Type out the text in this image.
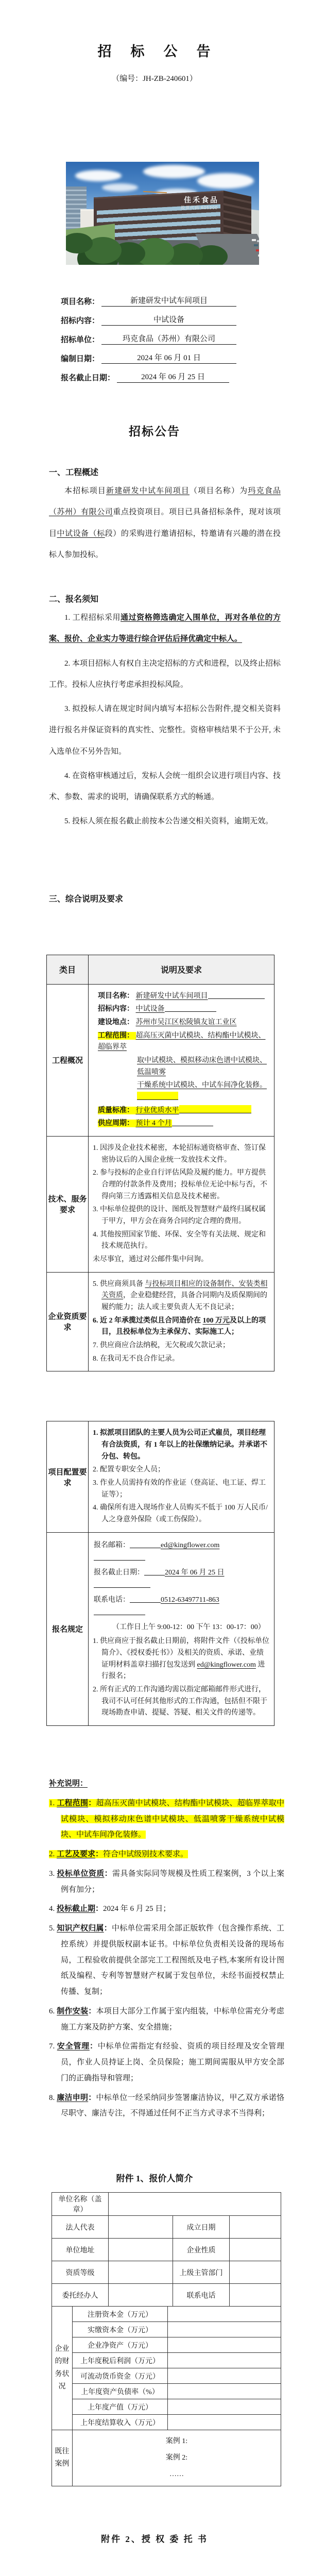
招    标    公    告
（编号：JH-ZB-240601）
佳禾食品
股票代码 605300
项目名称：	新建研发中试车间项目
招标内容：	中试设备
招标单位：	玛克食品（苏州）有限公司
编制日期：	2024 年 06 月 01 日
报名截止日期：	2024 年 06 月 25 日
招标公告
一、工程概述

本招标项目新建研发中试车间项目（项目名称）为玛克食品（苏州）有限公司重点投资项目。项目已具备招标条件，现对该项目中试设备（标段）的采购进行邀请招标，特邀请有兴趣的潜在投标人参加投标。

二、报名须知

1. 工程招标采用通过资格筛选确定入围单位，再对各单位的方案、报价、企业实力等进行综合评估后择优确定中标人。

2. 本项目招标人有权自主决定招标的方式和进程，以及终止招标工作。投标人应执行考虑承担投标风险。

3. 拟投标人请在规定时间内填写本招标公告附件,提交相关资料进行报名并保证资料的真实性、完整性。资格审核结果不于公开, 未入选单位不另外告知。

4. 在资格审核通过后，发标人会统一组织会议进行项目内容、技术、参数、需求的说明，请确保联系方式的畅通。

5. 投标人须在报名截止前按本公告递交相关资料，逾期无效。

三、综合说明及要求
类目	说明及要求
工程概况	
项目名称： 新建研发中试车间项目
招标内容： 中试设备
建设地点： 苏州市吴江区松陵镇友谊工业区
工程范围： 超高压灭菌中试模块、结构酯中试模块、超临界萃
取中试模块、模拟移动床色谱中试模块、低温喷雾
干燥系统中试模块、中试车间净化装修。
质量标准： 行业优质水平
供应周期： 预计 4 个月

技术、服务要求	1. 因涉及企业技术秘密，本轮招标通资格审查、签订保密协议后的入围企业统一发放技术文件。
2. 参与投标的企业自行评估风险及履约能力。甲方提供合理的付款条件及费用；投标单位无论中标与否，不得向第三方透露相关信息及技术秘密。
3. 中标单位提供的设计、图纸及智慧财产最终归属权属于甲方，甲方会在商务合同约定合理的费用。
4. 其他按照国家节能、环保、安全等有关法规、规定和技术规范执行。
未尽事宜，通过对公邮件集中问询。

企业资质要求	5. 供应商须具备 与投标项目相应的设备制作、安装类相关资质，企业稳健经营，具备合同期内及质保期间的履约能力；法人或主要负责人无不良记录；
6. 近 2 年承揽过类似且合同造价在 100 万元及以上的项目，且投标单位为主承保方、实际施工人；
7. 供应商应合法纳税，无欠税或欠款记录；
8. 在我司无不良合作记录。
项目配置要求	1. 拟派项目团队的主要人员为公司正式雇员，项目经理有合法资质，有 1 年以上的社保缴纳记录。并承诺不分包、转包。
2. 配置专职安全人员；
3. 作业人员需持有效的作业证（登高证、电工证、焊工证等）；
4. 确保所有进入现场作业人员购买不低于 100 万人民币/人之身意外保险（或工伤保险）。

报名规定	
报名邮箱：	ed@kingflower.com
报名截止日期：	2024 年 06 月 25 日
联系电话：	0512-63497711-863
（工作日上午 9:00-12：00 下午 13：00-17：00）
1. 供应商应于报名截止日期前，将附件文件（《投标单位简介》、《授权委托书》）及相关的资质、承诺、业绩证明材料盖章扫描打包发送到 ed@kingflower.com 进行报名；
2. 所有正式的工作沟通均需以指定邮箱邮件形式进行，我司不认可任何其他形式的工作沟通，包括但不限于现场勘查申请、提疑、答疑、相关文件的传递等。
补充说明：
1. 工程范围：超高压灭菌中试模块、结构酯中试模块、超临界萃取中试模块、模拟移动床色谱中试模块、低温喷雾干燥系统中试模块、中试车间净化装修。
2. 工艺及要求：符合中试级别技术要求。
3. 投标单位资质：需具备实际同等规模及性质工程案例，3 个以上案例有加分；
4. 投标截止期：2024 年 6 月 25 日；
5. 知识产权归属：中标单位需采用全部正版软件（包含操作系统、工控系统）并提供版权副本证书。中标单位负责相关设备的现场布局，工程验收前提供全部完工工程图纸及电子档,本案所有设计图纸及编程、专利等智慧财产权属于发包单位，未经书面授权禁止传播、复制；
6. 制作安装：本项目大部分工作属于室内组装，中标单位需充分考虑施工方案及防护方案、安全措施；
7. 安全管理：中标单位需指定有经验、资质的项目经理及安全管理员，作业人员持证上岗、全员保险；施工期间需服从甲方安全部门的正确指导和管理；
8. 廉洁申明：中标单位一经采纳同步签署廉洁协议，甲乙双方承诺恪尽职守、廉洁专注，不得通过任何不正当方式寻求不当得利；
附件 1、报价人简介
单位名称（盖章）			
法人代表		成立日期	
单位地址		企业性质	
资质等级		上级主管部门	
委托经办人		联系电话	
企业的财务状况	注册资本金（万元）	
	实缴资本金（万元）	
	企业净资产（万元）	
	上年度税后利润（万元）	
	可流动货币资金（万元）	
	上年度资产负债率（%）	
	上年度产值（万元）	
	上年度结算收入（万元）	
既往案例	
案例 1:
案例 2:
……
附件 2、授 权 委 托 书
